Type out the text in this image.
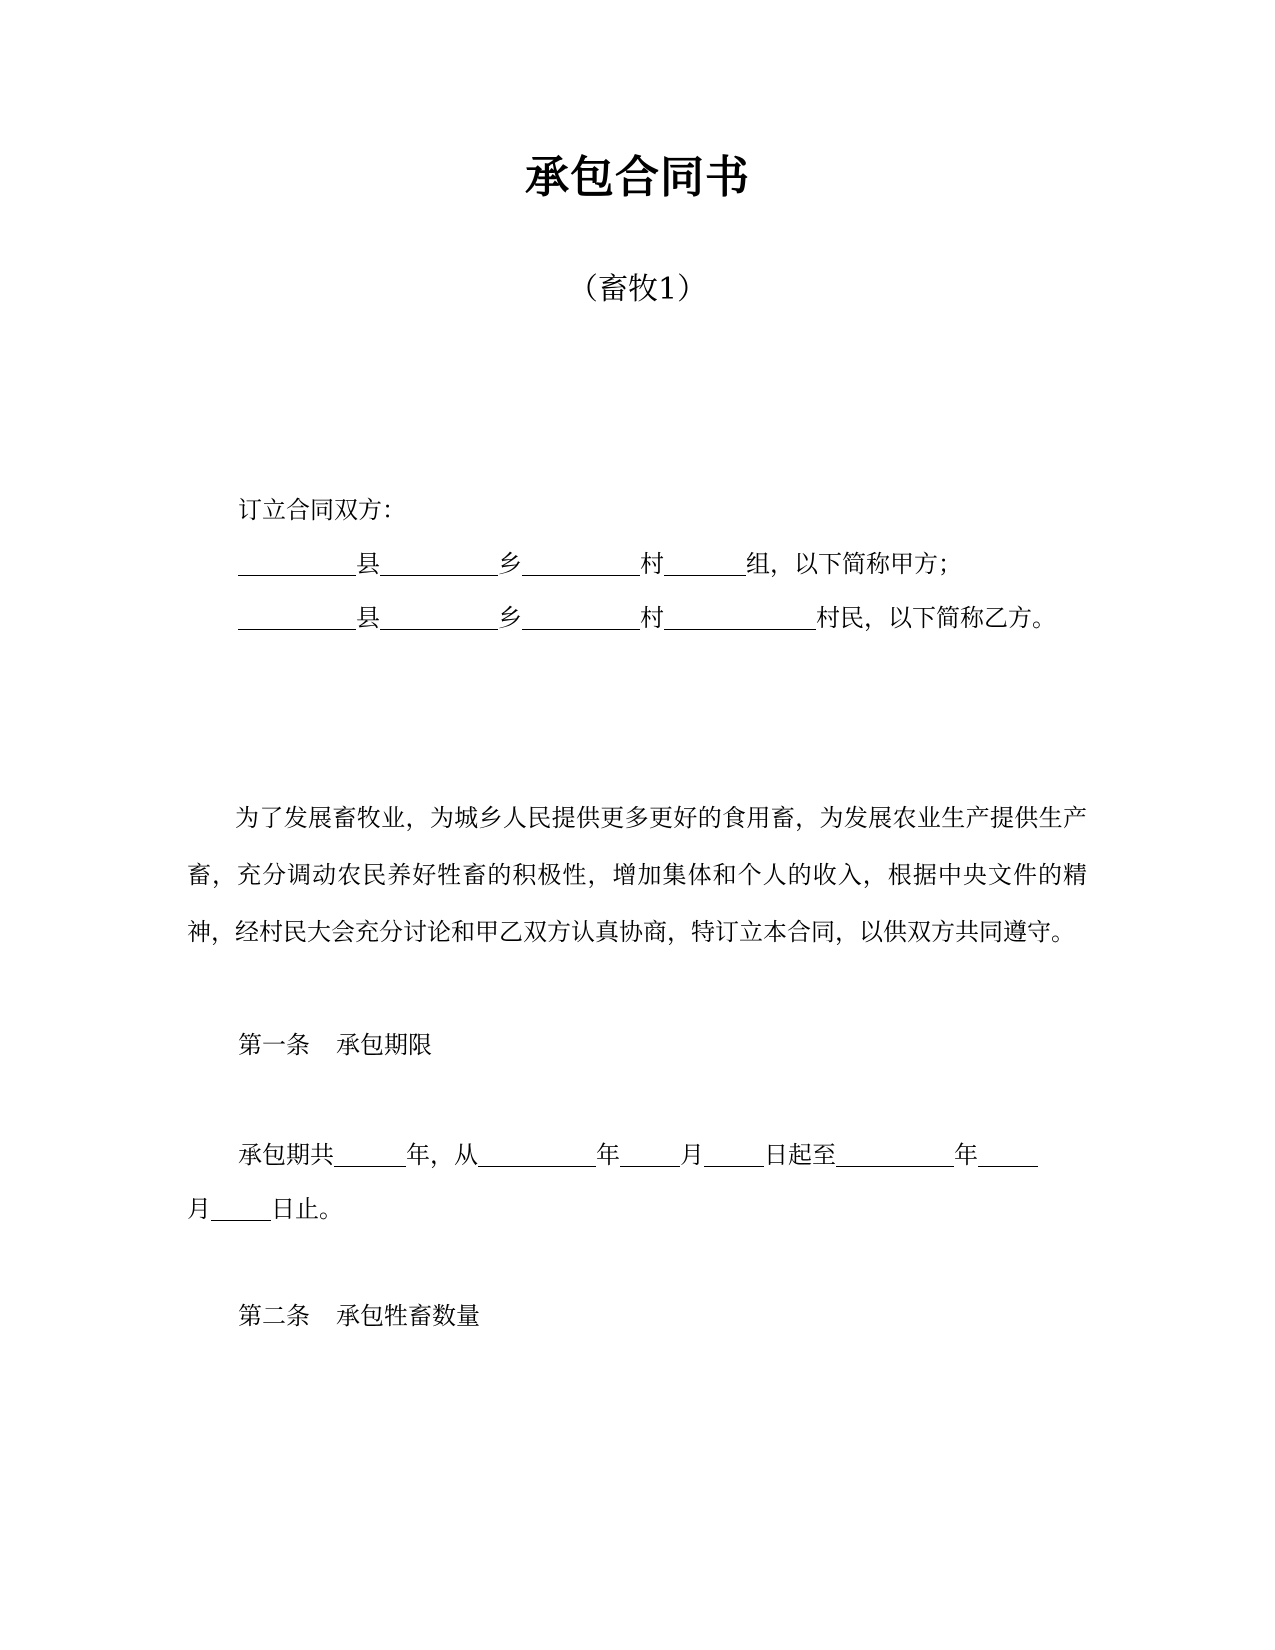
承包合同书
（畜牧1）
订立合同双方：
县	乡	村	组，以下简称甲方；
县	乡	村	村民，以下简称乙方。
为了发展畜牧业，为城乡人民提供更多更好的食用畜，为发展农业生产提供生产畜，充分调动农民养好牲畜的积极性，增加集体和个人的收入，根据中央文件的精神，经村民大会充分讨论和甲乙双方认真协商，特订立本合同，以供双方共同遵守。
第一条 承包期限
承包期共	年，从	年	月	日起至	年
月	日止。
第二条 承包牲畜数量
